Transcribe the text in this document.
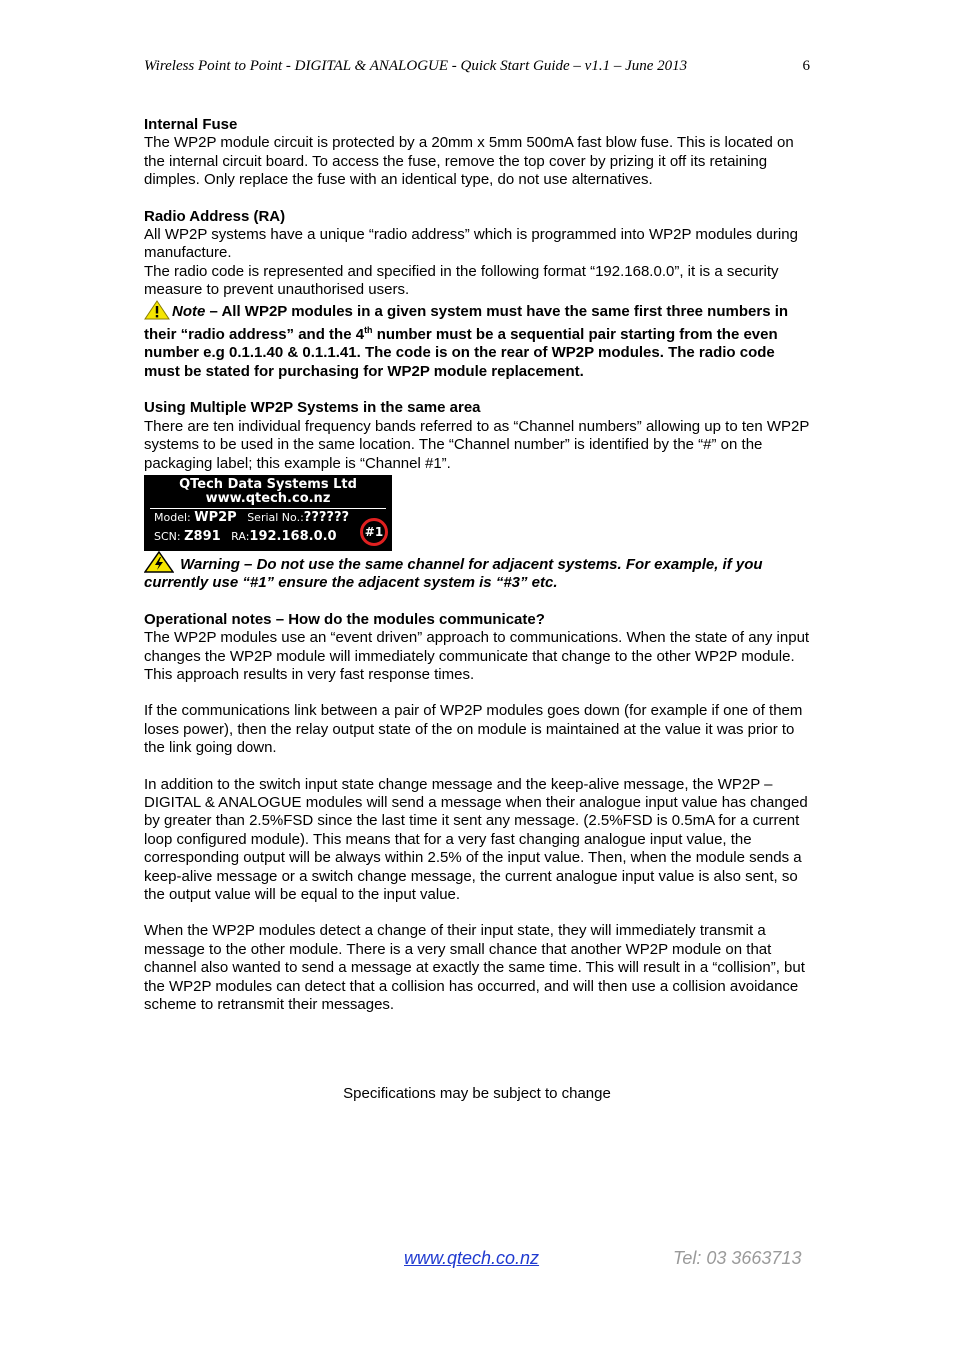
Wireless Point to Point - DIGITAL & ANALOGUE - Quick Start Guide – v1.1 – June 2013	6

Internal Fuse

The WP2P module circuit is protected by a 20mm x 5mm 500mA fast blow fuse. This is located on the internal circuit board. To access the fuse, remove the top cover by prizing it off its retaining dimples. Only replace the fuse with an identical type, do not use alternatives.

Radio Address (RA)

All WP2P systems have a unique “radio address” which is programmed into WP2P modules during manufacture.

The radio code is represented and specified in the following format “192.168.0.0”, it is a security measure to prevent unauthorised users.

Note – All WP2P modules in a given system must have the same first three numbers in their “radio address” and the 4th number must be a sequential pair starting from the even number e.g 0.1.1.40 & 0.1.1.41. The code is on the rear of WP2P modules. The radio code must be stated for purchasing for WP2P module replacement.

Using Multiple WP2P Systems in the same area

There are ten individual frequency bands referred to as “Channel numbers” allowing up to ten WP2P systems to be used in the same location. The “Channel number” is identified by the “#” on the packaging label; this example is “Channel #1”.

QTech Data Systems Ltd
www.qtech.co.nz
Model: WP2P Serial No.:??????
SCN: Z891 RA:192.168.0.0	#1

Warning – Do not use the same channel for adjacent systems. For example, if you currently use “#1” ensure the adjacent system is “#3” etc.

Operational notes – How do the modules communicate?

The WP2P modules use an “event driven” approach to communications. When the state of any input changes the WP2P module will immediately communicate that change to the other WP2P module. This approach results in very fast response times.

If the communications link between a pair of WP2P modules goes down (for example if one of them loses power), then the relay output state of the on module is maintained at the value it was prior to the link going down.

In addition to the switch input state change message and the keep-alive message, the WP2P – DIGITAL & ANALOGUE modules will send a message when their analogue input value has changed by greater than 2.5%FSD since the last time it sent any message. (2.5%FSD is 0.5mA for a current loop configured module). This means that for a very fast changing analogue input value, the corresponding output will be always within 2.5% of the input value. Then, when the module sends a keep-alive message or a switch change message, the current analogue input value is also sent, so the output value will be equal to the input value.

When the WP2P modules detect a change of their input state, they will immediately transmit a message to the other module. There is a very small chance that another WP2P module on that channel also wanted to send a message at exactly the same time. This will result in a “collision”, but the WP2P modules can detect that a collision has occurred, and will then use a collision avoidance scheme to retransmit their messages.

Specifications may be subject to change
www.qtech.co.nz	Tel: 03 3663713
